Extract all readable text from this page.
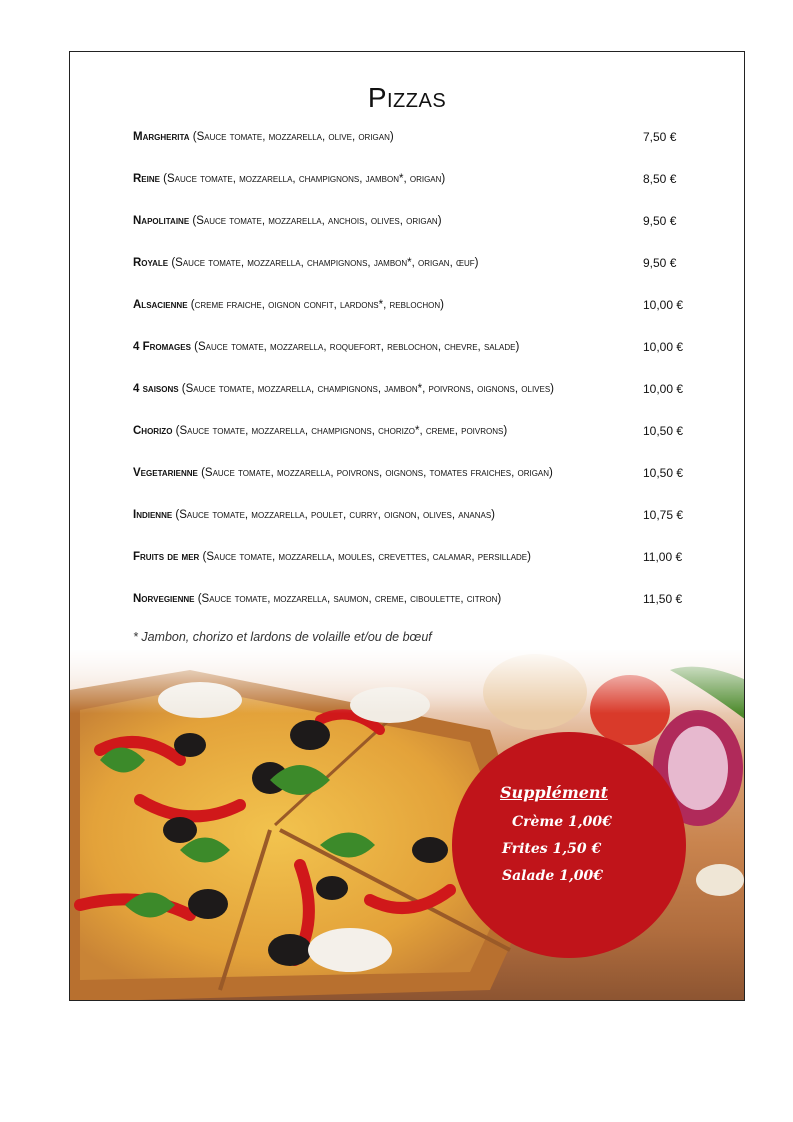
Pizzas
Margherita (Sauce tomate, mozzarella, olive, origan)	7,50 €
Reine (Sauce tomate, mozzarella, champignons, jambon*, origan)	8,50 €
Napolitaine (Sauce tomate, mozzarella, anchois, olives, origan)	9,50 €
Royale (Sauce tomate, mozzarella, champignons, jambon*, origan, œuf)	9,50 €
Alsacienne (creme fraiche, oignon confit, lardons*, reblochon)	10,00 €
4 Fromages (Sauce tomate, mozzarella, roquefort, reblochon, chevre, salade)	10,00 €
4 saisons (Sauce tomate, mozzarella, champignons, jambon*, poivrons, oignons, olives)	10,00 €
Chorizo (Sauce tomate, mozzarella, champignons, chorizo*, creme, poivrons)	10,50 €
Vegetarienne (Sauce tomate, mozzarella, poivrons, oignons, tomates fraiches, origan)	10,50 €
Indienne (Sauce tomate, mozzarella, poulet, curry, oignon, olives, ananas)	10,75 €
Fruits de mer (Sauce tomate, mozzarella, moules, crevettes, calamar, persillade)	11,00 €
Norvegienne (Sauce tomate, mozzarella, saumon, creme, ciboulette, citron)	11,50 €
* Jambon, chorizo et lardons de volaille et/ou de bœuf
Supplément
Crème 1,00€
Frites 1,50 €
Salade 1,00€
